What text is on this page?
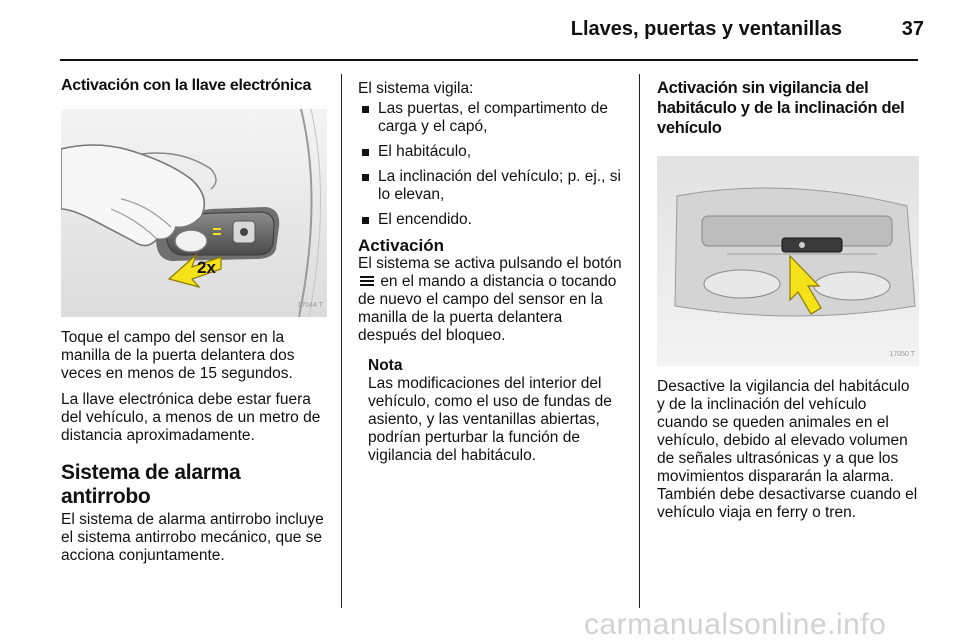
Llaves, puertas y ventanillas	37
Activación con la llave electrónica
2x
17044 T

Toque el campo del sensor en la manilla de la puerta delantera dos veces en menos de 15 segundos.

La llave electrónica debe estar fuera del vehículo, a menos de un metro de distancia aproximadamente.

Sistema de alarma antirrobo

El sistema de alarma antirrobo incluye el sistema antirrobo mecánico, que se acciona conjuntamente.

El sistema vigila:

Las puertas, el compartimento de carga y el capó,
El habitáculo,
La inclinación del vehículo; p. ej., si lo elevan,
El encendido.
Activación

El sistema se activa pulsando el botón  en el mando a distancia o tocando de nuevo el campo del sensor en la manilla de la puerta delantera después del bloqueo.

Nota

Las modificaciones del interior del vehículo, como el uso de fundas de asiento, y las ventanillas abiertas, podrían perturbar la función de vigilancia del habitáculo.

Activación sin vigilancia del habitáculo y de la inclinación del vehículo
17050 T

Desactive la vigilancia del habitáculo y de la inclinación del vehículo cuando se queden animales en el vehículo, debido al elevado volumen de señales ultrasónicas y a que los movimientos dispararán la alarma. También debe desactivarse cuando el vehículo viaja en ferry o tren.

carmanualsonline.info
